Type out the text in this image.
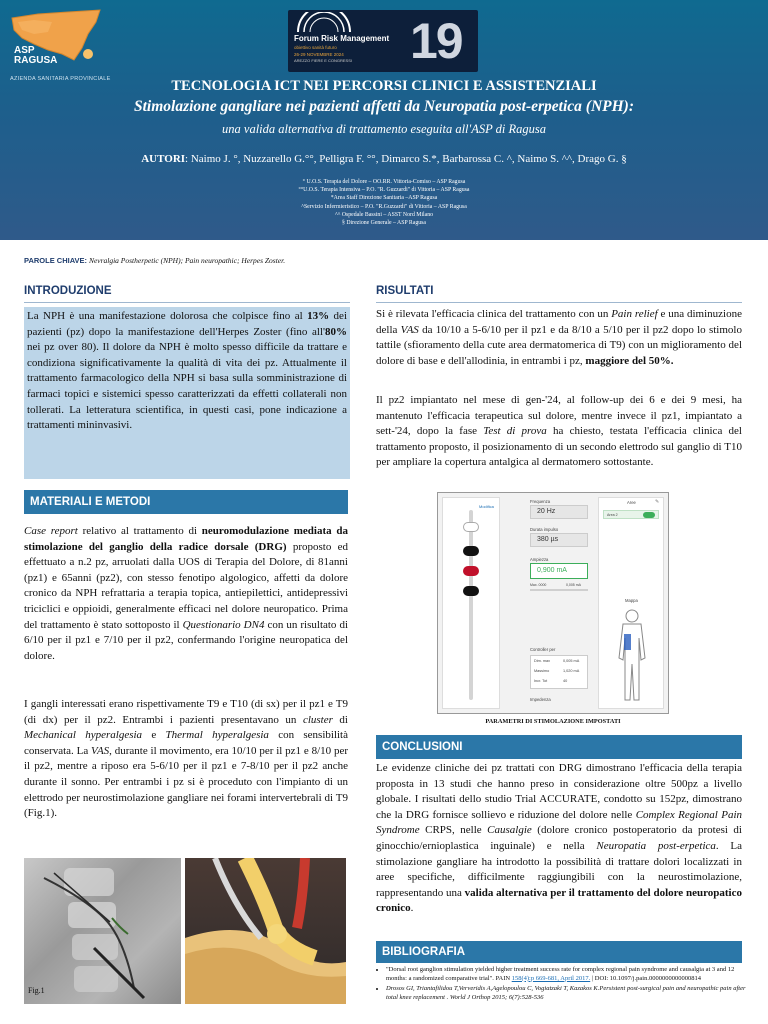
ASP
RAGUSA
AZIENDA SANITARIA PROVINCIALE
Forum Risk Management
obiettivo sanità futuro
26-29 NOVEMBRE 2024
AREZZO FIERE E CONGRESSI 19
TECNOLOGIA ICT NEI PERCORSI CLINICI E ASSISTENZIALI
Stimolazione gangliare nei pazienti affetti da Neuropatia post-erpetica (NPH):
una valida alternativa di trattamento eseguita all'ASP di Ragusa
AUTORI: Naimo J. °, Nuzzarello G.°°, Pelligra F. °°, Dimarco S.*, Barbarossa C. ^, Naimo S. ^^, Drago G. §
° U.O.S. Terapia del Dolore – OO.RR. Vittoria-Comiso – ASP Ragusa
°°U.O.S. Terapia Intensiva – P.O. "R. Guzzardi" di Vittoria – ASP Ragusa
*Area Staff Direzione Sanitaria –ASP Ragusa
^Servizio Infermieristico – P.O. "R.Guzzardi" di Vittoria – ASP Ragusa
^^ Ospedale Bassini – ASST Nord Milano
§ Direzione Generale – ASP Ragusa
PAROLE CHIAVE: Nevralgia Postherpetic (NPH); Pain neuropathic; Herpes Zoster.
INTRODUZIONE
La NPH è una manifestazione dolorosa che colpisce fino al 13% dei pazienti (pz) dopo la manifestazione dell'Herpes Zoster (fino all'80% nei pz over 80). Il dolore da NPH è molto spesso difficile da trattare e condiziona significativamente la qualità di vita dei pz. Attualmente il trattamento farmacologico della NPH si basa sulla somministrazione di farmaci topici e sistemici spesso caratterizzati da effetti collaterali non tollerati. La letteratura scientifica, in questi casi, pone indicazione a trattamenti mininvasivi.
MATERIALI E METODI
Case report relativo al trattamento di neuromodulazione mediata da stimolazione del ganglio della radice dorsale (DRG) proposto ed effettuato a n.2 pz, arruolati dalla UOS di Terapia del Dolore, di 81anni (pz1) e 65anni (pz2), con stesso fenotipo algologico, affetti da dolore cronico da NPH refrattaria a terapia topica, antiepilettici, antidepressivi triciclici e oppioidi, generalmente efficaci nel dolore neuropatico. Prima del trattamento è stato sottoposto il Questionario DN4 con un risultato di 6/10 per il pz1 e 7/10 per il pz2, confermando l'origine neuropatica del dolore.
I gangli interessati erano rispettivamente T9 e T10 (di sx) per il pz1 e T9 (di dx) per il pz2. Entrambi i pazienti presentavano un cluster di Mechanical hyperalgesia e Thermal hyperalgesia con sensibilità conservata. La VAS, durante il movimento, era 10/10 per il pz1 e 8/10 per il pz2, mentre a riposo era 5-6/10 per il pz1 e 7-8/10 per il pz2 anche durante il sonno. Per entrambi i pz si è proceduto con l'impianto di un elettrodo per neurostimolazione gangliare nei forami intervertebrali di T9 (Fig.1).
Fig.1
RISULTATI
Si è rilevata l'efficacia clinica del trattamento con un Pain relief e una diminuzione della VAS da 10/10 a 5-6/10 per il pz1 e da 8/10 a 5/10 per il pz2 dopo lo stimolo tattile (sfioramento della cute area dermatomerica di T9) con un miglioramento del dolore di base e dell'allodinia, in entrambi i pz, maggiore del 50%.
Il pz2 impiantato nel mese di gen-'24, al follow-up dei 6 e dei 9 mesi, ha mantenuto l'efficacia terapeutica sul dolore, mentre invece il pz1, impiantato a sett-'24, dopo la fase Test di prova ha chiesto, testata l'efficacia clinica del trattamento proposto, il posizionamento di un secondo elettrodo sul ganglio di T10 per ampliare la copertura antalgica al dermatomero sottostante.
Modifica
Frequenza
20 Hz
Durata impulso
380 µs
Ampiezza
0,900 mA
Max. 0000	0,005 mA
Controller per
Dim. max	0,005 mA
Massimo	1,020 mA
Incr. Tot	40
Impedenza
Aree	✎
Area 2
Mappa
PARAMETRI DI STIMOLAZIONE IMPOSTATI
CONCLUSIONI
Le evidenze cliniche dei pz trattati con DRG dimostrano l'efficacia della terapia proposta in 13 studi che hanno preso in considerazione oltre 500pz a livello globale. I risultati dello studio Trial ACCURATE, condotto su 152pz, dimostrano che la DRG fornisce sollievo e riduzione del dolore nelle Complex Regional Pain Syndrome CRPS, nelle Causalgie (dolore cronico postoperatorio da protesi di ginocchio/ernioplastica inguinale) e nella Neuropatia post-erpetica. La stimolazione gangliare ha introdotto la possibilità di trattare dolori localizzati in aree specifiche, difficilmente raggiungibili con la neurostimolazione, rappresentando una valida alternativa per il trattamento del dolore neuropatico cronico.
BIBLIOGRAFIA
• "Dorsal root ganglion stimulation yielded higher treatment success rate for complex regional pain syndrome and causalgia at 3 and 12 months: a randomized comparative trial". PAIN 158(4):p 669-681, April 2017. | DOI: 10.1097/j.pain.0000000000000814
• Drosos GI, Triantafilidou T,Ververidis A,Agelopoulou C, Vogiatzaki T, Kazakos K.Persistent post-surgical pain and neuropathic pain after total knee replacement . World J Orthop 2015; 6(7):528-536
